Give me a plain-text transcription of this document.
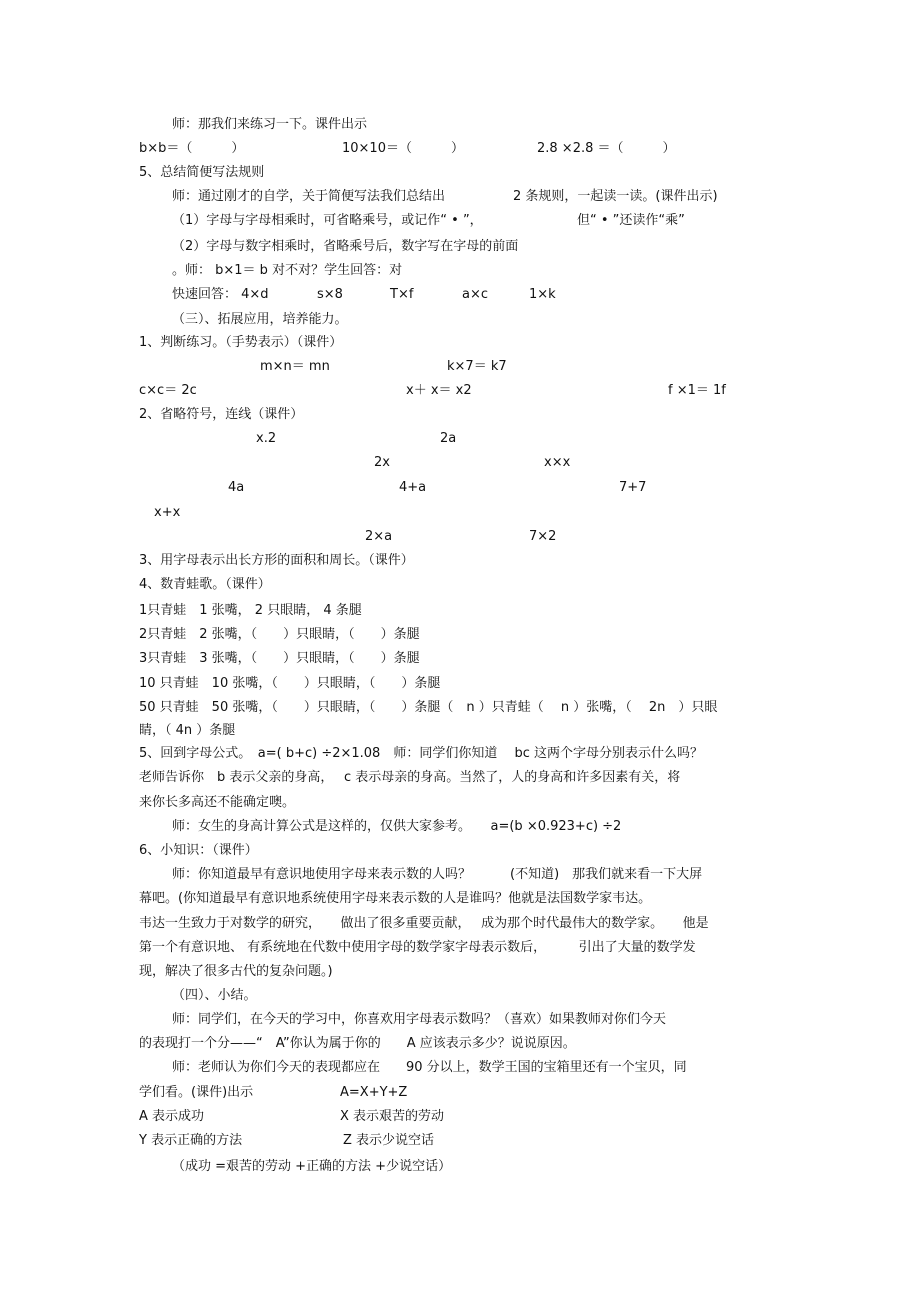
师：那我们来练习一下。课件出示
b×b＝（　　　）	10×10＝（　　　）	2.8 ×2.8 ＝（　　　）
5、总结简便写法规则
师：通过刚才的自学，关于简便写法我们总结出	2 条规则，一起读一读。(课件出示)
（1）字母与字母相乘时，可省略乘号，或记作“ • ”，	但“ • ”还读作“乘”
（2）字母与数字相乘时，省略乘号后，数字写在字母的前面
。师： b×1＝ b 对不对？学生回答：对
快速回答： 4×d	s×8	T×f	a×c	1×k
（三）、拓展应用，培养能力。
1、判断练习。（手势表示）（课件）
m×n＝ mn	k×7＝ k7
c×c＝ 2c	x＋ x＝ x2	f ×1＝ 1f
2、省略符号，连线（课件）
x.2	2a
2x	x×x
4a	4+a	7+7
x+x
2×a	7×2
3、用字母表示出长方形的面积和周长。（课件）
4、数青蛙歌。（课件）
1只青蛙　1 张嘴， 2 只眼睛， 4 条腿
2只青蛙　2 张嘴，（　　）只眼睛，（　　）条腿
3只青蛙　3 张嘴，（　　）只眼睛，（　　）条腿
10 只青蛙　10 张嘴，（　　）只眼睛，（　　）条腿
50 只青蛙　50 张嘴，（　　）只眼睛，（　　）条腿（　n ）只青蛙（　 n ）张嘴，（　 2n　）只眼
睛，（ 4n ）条腿
5、回到字母公式。　a=( b+c) ÷2×1.08　师：同学们你知道　 bc 这两个字母分别表示什么吗？
老师告诉你　b 表示父亲的身高，　 c 表示母亲的身高。当然了，人的身高和许多因素有关，将
来你长多高还不能确定噢。
师：女生的身高计算公式是这样的，仅供大家参考。　　a=(b ×0.923+c) ÷2
6、小知识：（课件）
师：你知道最早有意识地使用字母来表示数的人吗？　　　(不知道)　那我们就来看一下大屏
幕吧。(你知道最早有意识地系统使用字母来表示数的人是谁吗？他就是法国数学家韦达。
韦达一生致力于对数学的研究，　　做出了很多重要贡献，　 成为那个时代最伟大的数学家。　　他是
第一个有意识地、 有系统地在代数中使用字母的数学家字母表示数后，　　　引出了大量的数学发
现，解决了很多古代的复杂问题。)
（四）、小结。
师：同学们，在今天的学习中，你喜欢用字母表示数吗？（喜欢）如果教师对你们今天
的表现打一个分——“　A”你认为属于你的　　A 应该表示多少？说说原因。
师：老师认为你们今天的表现都应在　　90 分以上，数学王国的宝箱里还有一个宝贝，同
学们看。(课件)出示	A=X+Y+Z
A 表示成功	X 表示艰苦的劳动
Y 表示正确的方法	Z 表示少说空话
（成功 =艰苦的劳动 +正确的方法 +少说空话）
